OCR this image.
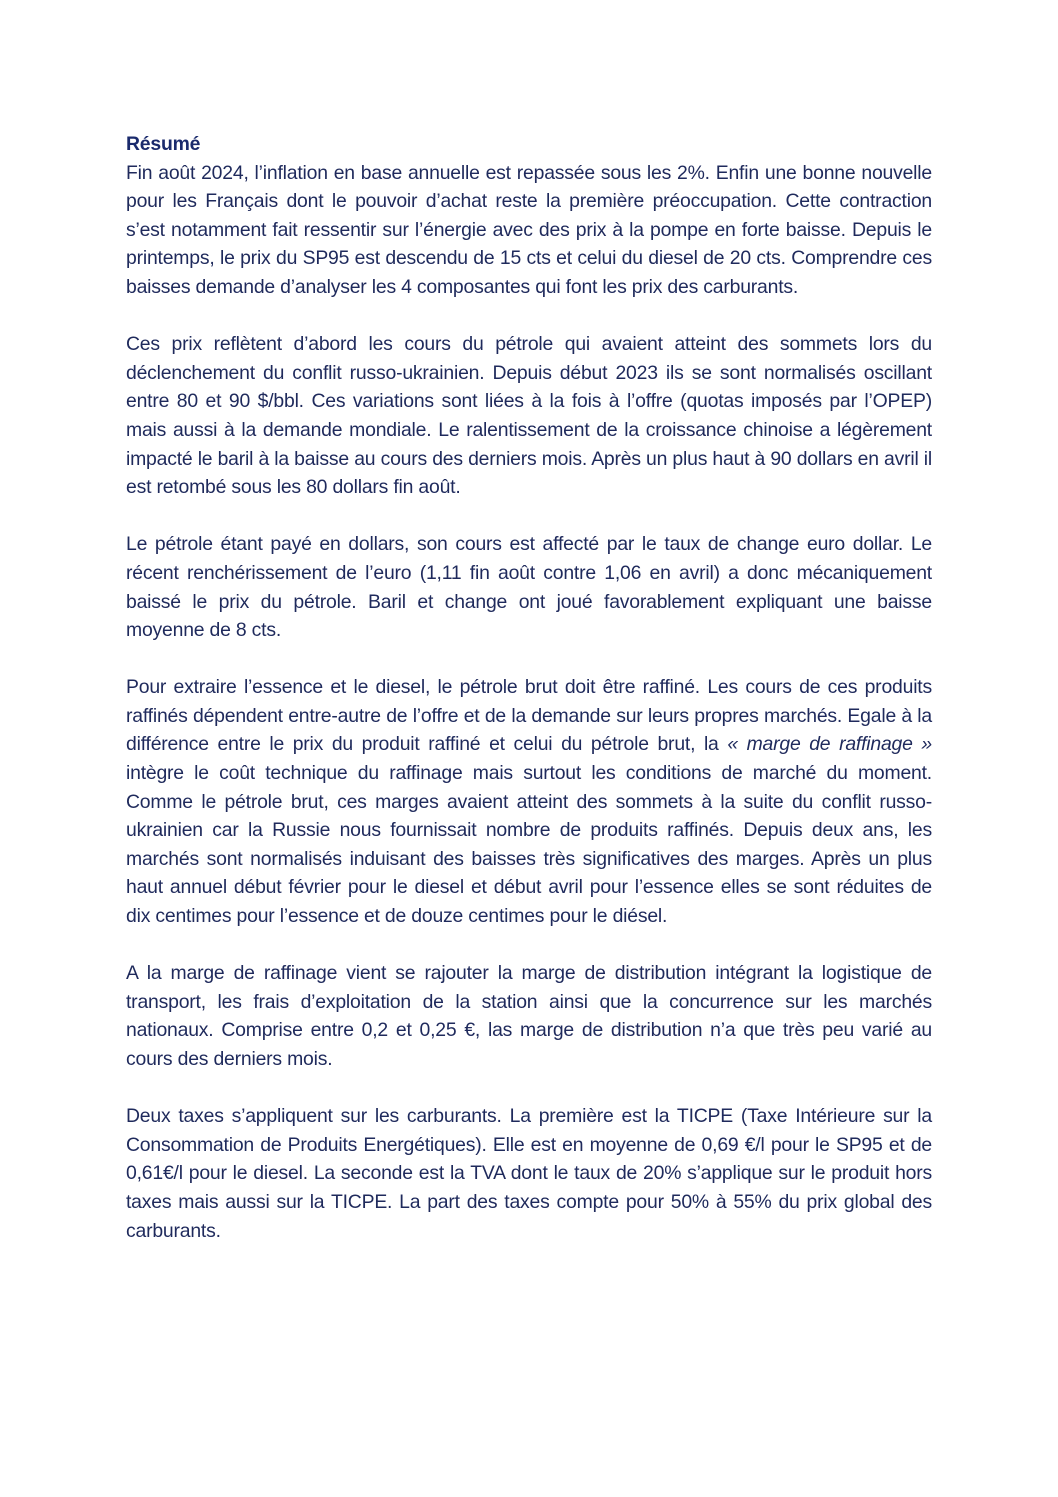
Résumé

Fin août 2024, l’inflation en base annuelle est repassée sous les 2%. Enfin une bonne nouvelle pour les Français dont le pouvoir d’achat reste la première préoccupation. Cette contraction s’est notamment fait ressentir sur l’énergie avec des prix à la pompe en forte baisse. Depuis le printemps, le prix du SP95 est descendu de 15 cts et celui du diesel de 20 cts. Comprendre ces baisses demande d’analyser les 4 composantes qui font les prix des carburants.

Ces prix reflètent d’abord les cours du pétrole qui avaient atteint des sommets lors du déclenchement du conflit russo-ukrainien. Depuis début 2023 ils se sont normalisés oscillant entre 80 et 90 $/bbl. Ces variations sont liées à la fois à l’offre (quotas imposés par l’OPEP) mais aussi à la demande mondiale. Le ralentissement de la croissance chinoise a légèrement impacté le baril à la baisse au cours des derniers mois. Après un plus haut à 90 dollars en avril il est retombé sous les 80 dollars fin août.

Le pétrole étant payé en dollars, son cours est affecté par le taux de change euro dollar. Le récent renchérissement de l’euro (1,11 fin août contre 1,06 en avril) a donc mécaniquement baissé le prix du pétrole. Baril et change ont joué favorablement expliquant une baisse moyenne de 8 cts.

Pour extraire l’essence et le diesel, le pétrole brut doit être raffiné. Les cours de ces produits raffinés dépendent entre-autre de l’offre et de la demande sur leurs propres marchés. Egale à la différence entre le prix du produit raffiné et celui du pétrole brut, la « marge de raffinage » intègre le coût technique du raffinage mais surtout les conditions de marché du moment. Comme le pétrole brut, ces marges avaient atteint des sommets à la suite du conflit russo-ukrainien car la Russie nous fournissait nombre de produits raffinés. Depuis deux ans, les marchés sont normalisés induisant des baisses très significatives des marges. Après un plus haut annuel début février pour le diesel et début avril pour l’essence elles se sont réduites de dix centimes pour l’essence et de douze centimes pour le diésel.

A la marge de raffinage vient se rajouter la marge de distribution intégrant la logistique de transport, les frais d’exploitation de la station ainsi que la concurrence sur les marchés nationaux. Comprise entre 0,2 et 0,25 €, las marge de distribution n’a que très peu varié au cours des derniers mois.

Deux taxes s’appliquent sur les carburants. La première est la TICPE (Taxe Intérieure sur la Consommation de Produits Energétiques). Elle est en moyenne de 0,69 €/l pour le SP95 et de 0,61€/l pour le diesel. La seconde est la TVA dont le taux de 20% s’applique sur le produit hors taxes mais aussi sur la TICPE. La part des taxes compte pour 50% à 55% du prix global des carburants.
